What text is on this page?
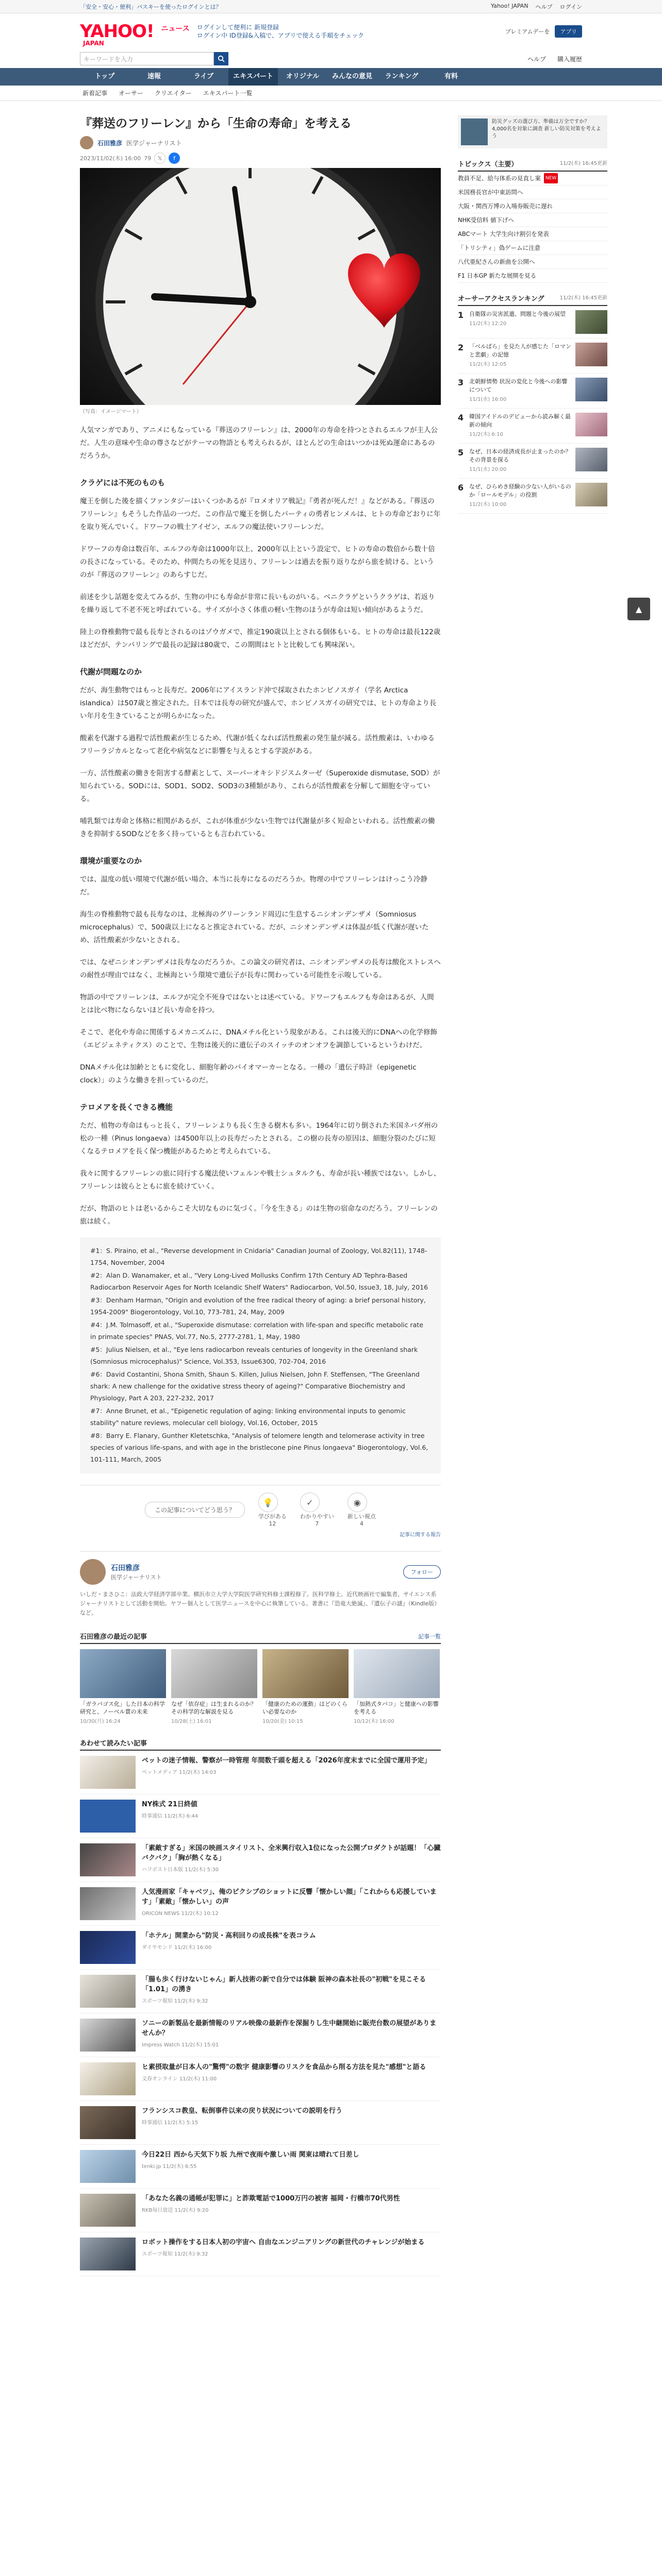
「安全・安心・便利」パスキーを使ったログインとは？	Yahoo! JAPAN ヘルプ ログイン
YAHOO!
JAPAN
ニュース ログインして便利に 新規登録
ログイン中 ID登録&入稿で、アプリで使える手順をチェック
プレミアムデーを	アプリ
キーワードを入力	ヘルプ 購入履歴
トップ	速報	ライブ	エキスパート	オリジナル	みんなの意見	ランキング	有料
新着記事 オーサー クリエイター エキスパート一覧
『葬送のフリーレン』から「生命の寿命」を考える
石田雅彦 医学ジャーナリスト
2023/11/02(木) 16:00 79	𝕏	f
（写真：イメージマート）

人気マンガであり、アニメにもなっている『葬送のフリーレン』は、2000年の寿命を持つとされるエルフが主人公だ。人生の意味や生命の尊さなどがテーマの物語とも考えられるが、ほとんどの生命はいつかは死ぬ運命にあるのだろうか。

クラゲには不死のものも

魔王を倒した後を描くファンタジーはいくつかあるが『ロメオリア戦記』『勇者が死んだ！』などがある。『葬送のフリーレン』もそうした作品の一つだ。この作品で魔王を倒したパーティの勇者ヒンメルは、ヒトの寿命どおりに年を取り死んでいく。ドワーフの戦士アイゼン、エルフの魔法使いフリーレンだ。

ドワーフの寿命は数百年、エルフの寿命は1000年以上、2000年以上という設定で、ヒトの寿命の数倍から数十倍の長さになっている。そのため、仲間たちの死を見送り、フリーレンは過去を振り返りながら旅を続ける。というのが『葬送のフリーレン』のあらすじだ。

前述を少し話題を変えてみるが、生物の中にも寿命が非常に長いものがいる。ベニクラゲというクラゲは、若返りを繰り返して不老不死と呼ばれている。サイズが小さく体重の軽い生物のほうが寿命は短い傾向があるようだ。

陸上の脊椎動物で最も長寿とされるのはゾウガメで、推定190歳以上とされる個体もいる。ヒトの寿命は最長122歳ほどだが、テンパリングで最長の記録は80歳で、この期間はヒトと比較しても興味深い。

代謝が問題なのか

だが、海生動物ではもっと長寿だ。2006年にアイスランド沖で採取されたホンビノスガイ（学名 Arctica islandica）は507歳と推定された。日本では長寿の研究が盛んで、ホンビノスガイの研究では、ヒトの寿命より長い年月を生きていることが明らかになった。

酸素を代謝する過程で活性酸素が生じるため、代謝が低くなれば活性酸素の発生量が減る。活性酸素は、いわゆるフリーラジカルとなって老化や病気などに影響を与えるとする学説がある。

一方、活性酸素の働きを阻害する酵素として、スーパーオキシドジスムターゼ（Superoxide dismutase, SOD）が知られている。SODには、SOD1、SOD2、SOD3の3種類があり、これらが活性酸素を分解して細胞を守っている。

哺乳類では寿命と体格に相関があるが、これが体重が少ない生物では代謝量が多く短命といわれる。活性酸素の働きを抑制するSODなどを多く持っているとも言われている。

環境が重要なのか

では、温度の低い環境で代謝が低い場合、本当に長寿になるのだろうか。物理の中でフリーレンはけっこう冷静だ。

海生の脊椎動物で最も長寿なのは、北極海のグリーンランド周辺に生息するニシオンデンザメ（Somniosus microcephalus）で、500歳以上になると推定されている。だが、ニシオンデンザメは体温が低く代謝が遅いため、活性酸素が少ないとされる。

では、なぜニシオンデンザメは長寿なのだろうか。この論文の研究者は、ニシオンデンザメの長寿は酸化ストレスへの耐性が理由ではなく、北極海という環境で遺伝子が長寿に関わっている可能性を示唆している。

物語の中でフリーレンは、エルフが完全不死身ではないとは述べている。ドワーフもエルフも寿命はあるが、人間とは比べ物にならないほど長い寿命を持つ。

そこで、老化や寿命に関係するメカニズムに、DNAメチル化という現象がある。これは後天的にDNAへの化学修飾（エピジェネティクス）のことで、生物は後天的に遺伝子のスイッチのオンオフを調節しているというわけだ。

DNAメチル化は加齢とともに変化し、細胞年齢のバイオマーカーとなる。一種の「遺伝子時計（epigenetic clock）」のような働きを担っているのだ。

テロメアを長くできる機能

ただ、植物の寿命はもっと長く、フリーレンよりも長く生きる樹木も多い。1964年に切り倒された米国ネバダ州の松の一種（Pinus longaeva）は4500年以上の長寿だったとされる。この樹の長寿の原因は、細胞分裂のたびに短くなるテロメアを長く保つ機能があるためと考えられている。

我々に関するフリーレンの旅に同行する魔法使いフェルンや戦士シュタルクも、寿命が長い種族ではない。しかし、フリーレンは彼らとともに旅を続けていく。

だが、物語のヒトは老いるからこそ大切なものに気づく。「今を生きる」のは生物の宿命なのだろう。フリーレンの旅は続く。

#1：S. Piraino, et al., "Reverse development in Cnidaria" Canadian Journal of Zoology, Vol.82(11), 1748-1754, November, 2004
#2：Alan D. Wanamaker, et al., "Very Long-Lived Mollusks Confirm 17th Century AD Tephra-Based Radiocarbon Reservoir Ages for North Icelandic Shelf Waters" Radiocarbon, Vol.50, Issue3, 18, July, 2016
#3：Denham Harman, "Origin and evolution of the free radical theory of aging: a brief personal history, 1954-2009" Biogerontology, Vol.10, 773-781, 24, May, 2009
#4：J.M. Tolmasoff, et al., "Superoxide dismutase: correlation with life-span and specific metabolic rate in primate species" PNAS, Vol.77, No.5, 2777-2781, 1, May, 1980
#5：Julius Nielsen, et al., "Eye lens radiocarbon reveals centuries of longevity in the Greenland shark (Somniosus microcephalus)" Science, Vol.353, Issue6300, 702-704, 2016
#6：David Costantini, Shona Smith, Shaun S. Killen, Julius Nielsen, John F. Steffensen, "The Greenland shark: A new challenge for the oxidative stress theory of ageing?" Comparative Biochemistry and Physiology, Part A 203, 227-232, 2017
#7：Anne Brunet, et al., "Epigenetic regulation of aging: linking environmental inputs to genomic stability" nature reviews, molecular cell biology, Vol.16, October, 2015
#8：Barry E. Flanary, Gunther Kletetschka, "Analysis of telomere length and telomerase activity in tree species of various life-spans, and with age in the bristlecone pine Pinus longaeva" Biogerontology, Vol.6, 101-111, March, 2005
この記事についてどう思う？
💡
学びがある
12
✓
わかりやすい
7
◉
新しい視点
4
記事に関する報告
石田雅彦
医学ジャーナリスト
フォロー
いしだ・まさひこ：法政大学経済学部卒業。横浜市立大学大学院医学研究科修士課程修了。医科学修士。近代映画社で編集者、サイエンス系ジャーナリストとして活動を開始。ヤフー個人として医学ニュースを中心に執筆している。著書に『恐竜大絶滅』、『遺伝子の謎』（Kindle版）など。
石田雅彦の最近の記事	記事一覧
「ガラパゴス化」した日本の科学研究と、ノーベル賞の未来
10/30(月) 16:24
なぜ「依存症」は生まれるのか？その科学的な解説を見る
10/28(土) 16:01
「健康のための運動」はどのくらい必要なのか
10/20(金) 10:15
「加熱式タバコ」と健康への影響を考える
10/12(木) 16:00
あわせて読みたい記事
ペットの迷子情報、警察が一時管理 年間数千頭を超える「2026年度末までに全国で運用予定」
ペットメディア 11/2(木) 14:03
NY株式 21日終値
時事通信 11/2(木) 6:44
「素敵すぎる」米国の映画スタイリスト、全米興行収入1位になった公開プロダクトが話題！「心臓バクバク」「胸が熱くなる」
ハフポスト日本版 11/2(木) 5:30
人気漫画家「キャベツ」、俺のピクシブのショットに反響「懐かしい顔」「これからも応援しています」「素敵」「懐かしい」の声
ORICON NEWS 11/2(木) 10:12
「ホテル」開業から"防災・高利回りの成長株"を表コラム
ダイヤモンド 11/2(木) 16:00
「腸も歩く行けないじゃん」新人技術の新で自分では体験 阪神の森本社長の"初戦"を見こそる「1.01」の湧き
スポーツ報知 11/2(木) 9:32
ソニーの新製品を最新情報のリアル映像の最新作を深掘りし生中継開始に販売台数の展望がありませんか？
Impress Watch 11/2(木) 15:01
ヒ素摂取量が日本人の"驚愕"の数字 健康影響のリスクを食品から削る方法を見た"感想"と語る
文春オンライン 11/2(木) 11:00
フランシスコ教皇、転倒事件以来の戻り状況についての説明を行う
時事通信 11/2(木) 5:15
今日22日 西から天気下り坂 九州で夜雨や激しい雨 関東は晴れて日差し
tenki.jp 11/2(木) 6:55
「あなた名義の通帳が犯罪に」と詐欺電話で1000万円の被害 福岡・行橋市70代男性
RKB毎日放送 11/2(木) 9:20
ロボット操作をする日本人初の宇宙へ 自由なエンジニアリングの新世代のチャレンジが始まる
スポーツ報知 11/2(木) 9:32
防災グッズの選び方、準備は万全ですか？ 4,000名を対象に調査 新しい防災対策を考えよう
トピックス（主要）	11/2(木) 16:45更新
教員不足、給与体系の見直し案	NEW
米国務長官が中東訪問へ
大阪・関西万博の入場券販売に遅れ
NHK受信料 値下げへ
ABCマート 大学生向け割引を発表
「トリシティ」偽ゲームに注意
八代亜紀さんの新曲を公開へ
F1 日本GP 新たな展開を見る
オーサーアクセスランキング	11/2(木) 16:45更新
1 自衛隊の災害派遣、問題と今後の展望
11/2(木) 12:20
2 「ベルばら」を見た人が感じた「ロマンと悲劇」の記憶
11/2(木) 12:05
3 北朝鮮情勢 状況の変化と今後への影響について
11/1(水) 16:00
4 韓国アイドルのデビューから読み解く最新の傾向
11/2(木) 6:10
5 なぜ、日本の経済成長が止まったのか？その背景を探る
11/1(水) 20:00
6 なぜ、ひらめき経験の少ない人がいるのか「ロールモデル」の役割
11/2(木) 10:00
▲
